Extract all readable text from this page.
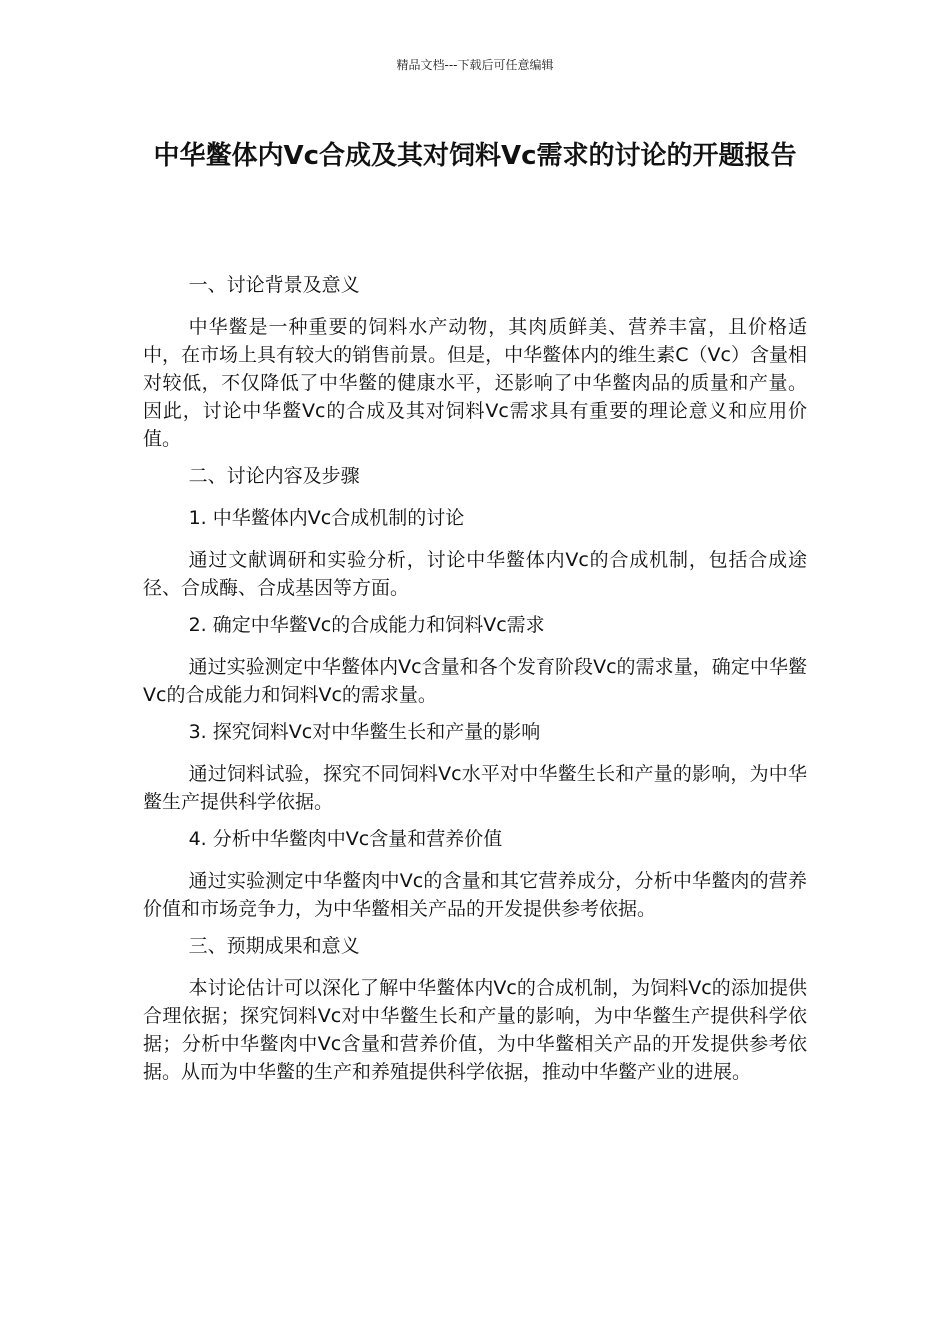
精品文档---下载后可任意编辑
中华鳖体内Vc合成及其对饲料Vc需求的讨论的开题报告

一、讨论背景及意义

中华鳖是一种重要的饲料水产动物，其肉质鲜美、营养丰富，且价格适中，在市场上具有较大的销售前景。但是，中华鳖体内的维生素C（Vc）含量相对较低，不仅降低了中华鳖的健康水平，还影响了中华鳖肉品的质量和产量。因此，讨论中华鳖Vc的合成及其对饲料Vc需求具有重要的理论意义和应用价值。

二、讨论内容及步骤

1. 中华鳖体内Vc合成机制的讨论

通过文献调研和实验分析，讨论中华鳖体内Vc的合成机制，包括合成途径、合成酶、合成基因等方面。

2. 确定中华鳖Vc的合成能力和饲料Vc需求

通过实验测定中华鳖体内Vc含量和各个发育阶段Vc的需求量，确定中华鳖Vc的合成能力和饲料Vc的需求量。

3. 探究饲料Vc对中华鳖生长和产量的影响

通过饲料试验，探究不同饲料Vc水平对中华鳖生长和产量的影响，为中华鳖生产提供科学依据。

4. 分析中华鳖肉中Vc含量和营养价值

通过实验测定中华鳖肉中Vc的含量和其它营养成分，分析中华鳖肉的营养价值和市场竞争力，为中华鳖相关产品的开发提供参考依据。

三、预期成果和意义

本讨论估计可以深化了解中华鳖体内Vc的合成机制，为饲料Vc的添加提供合理依据；探究饲料Vc对中华鳖生长和产量的影响，为中华鳖生产提供科学依据；分析中华鳖肉中Vc含量和营养价值，为中华鳖相关产品的开发提供参考依据。从而为中华鳖的生产和养殖提供科学依据，推动中华鳖产业的进展。
